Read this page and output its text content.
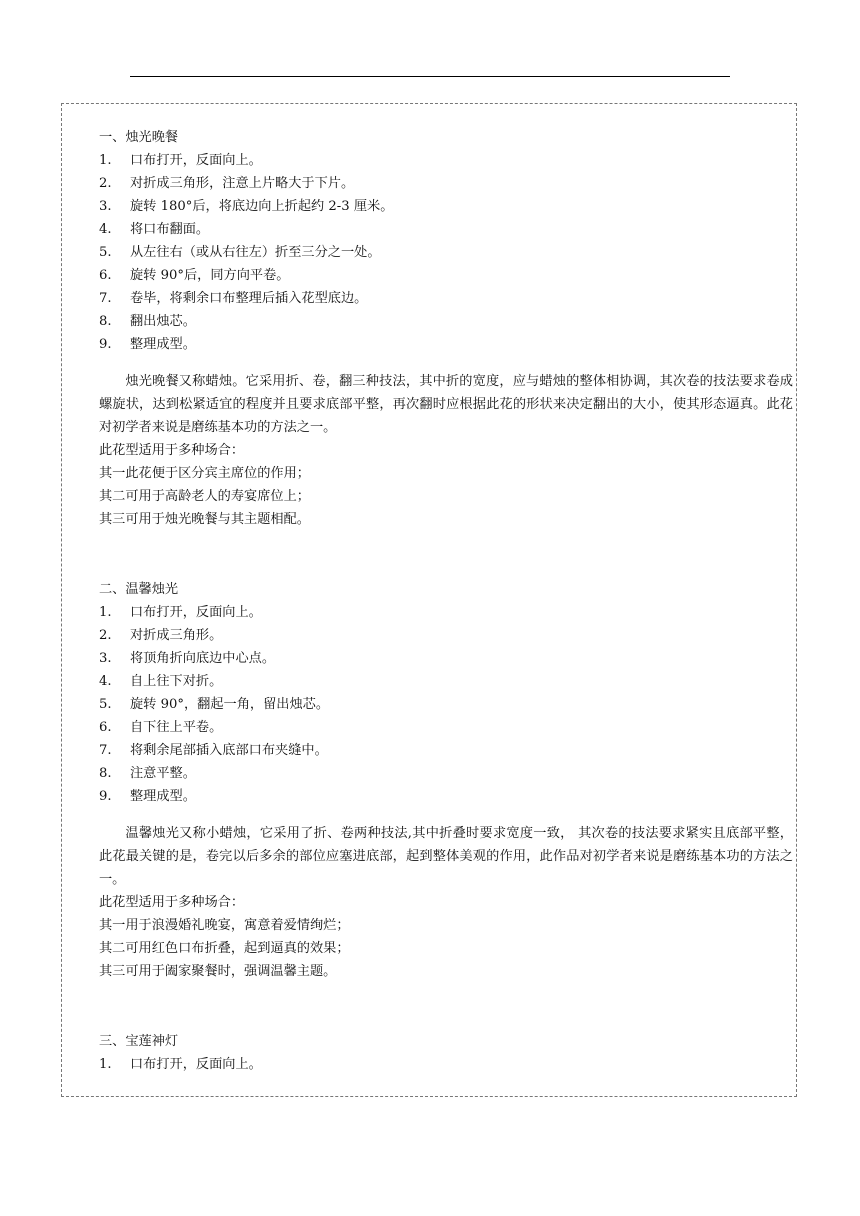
一、烛光晚餐
1.	口布打开，反面向上。
2.	对折成三角形，注意上片略大于下片。
3.	旋转 180°后，将底边向上折起约 2-3 厘米。
4.	将口布翻面。
5.	从左往右（或从右往左）折至三分之一处。
6.	旋转 90°后，同方向平卷。
7.	卷毕，将剩余口布整理后插入花型底边。
8.	翻出烛芯。
9.	整理成型。

烛光晚餐又称蜡烛。它采用折、卷，翻三种技法，其中折的宽度，应与蜡烛的整体相协调，其次卷的技法要求卷成螺旋状，达到松紧适宜的程度并且要求底部平整，再次翻时应根据此花的形状来决定翻出的大小，使其形态逼真。此花对初学者来说是磨练基本功的方法之一。

此花型适用于多种场合：
其一此花便于区分宾主席位的作用；
其二可用于高龄老人的寿宴席位上；
其三可用于烛光晚餐与其主题相配。
二、温馨烛光
1.	口布打开，反面向上。
2.	对折成三角形。
3.	将顶角折向底边中心点。
4.	自上往下对折。
5.	旋转 90°，翻起一角，留出烛芯。
6.	自下往上平卷。
7.	将剩余尾部插入底部口布夹缝中。
8.	注意平整。
9.	整理成型。

温馨烛光又称小蜡烛，它采用了折、卷两种技法,其中折叠时要求宽度一致， 其次卷的技法要求紧实且底部平整，此花最关键的是，卷完以后多余的部位应塞进底部，起到整体美观的作用，此作品对初学者来说是磨练基本功的方法之一。

此花型适用于多种场合：
其一用于浪漫婚礼晚宴，寓意着爱情绚烂；
其二可用红色口布折叠，起到逼真的效果；
其三可用于阖家聚餐时，强调温馨主题。
三、宝莲神灯
1.	口布打开，反面向上。
